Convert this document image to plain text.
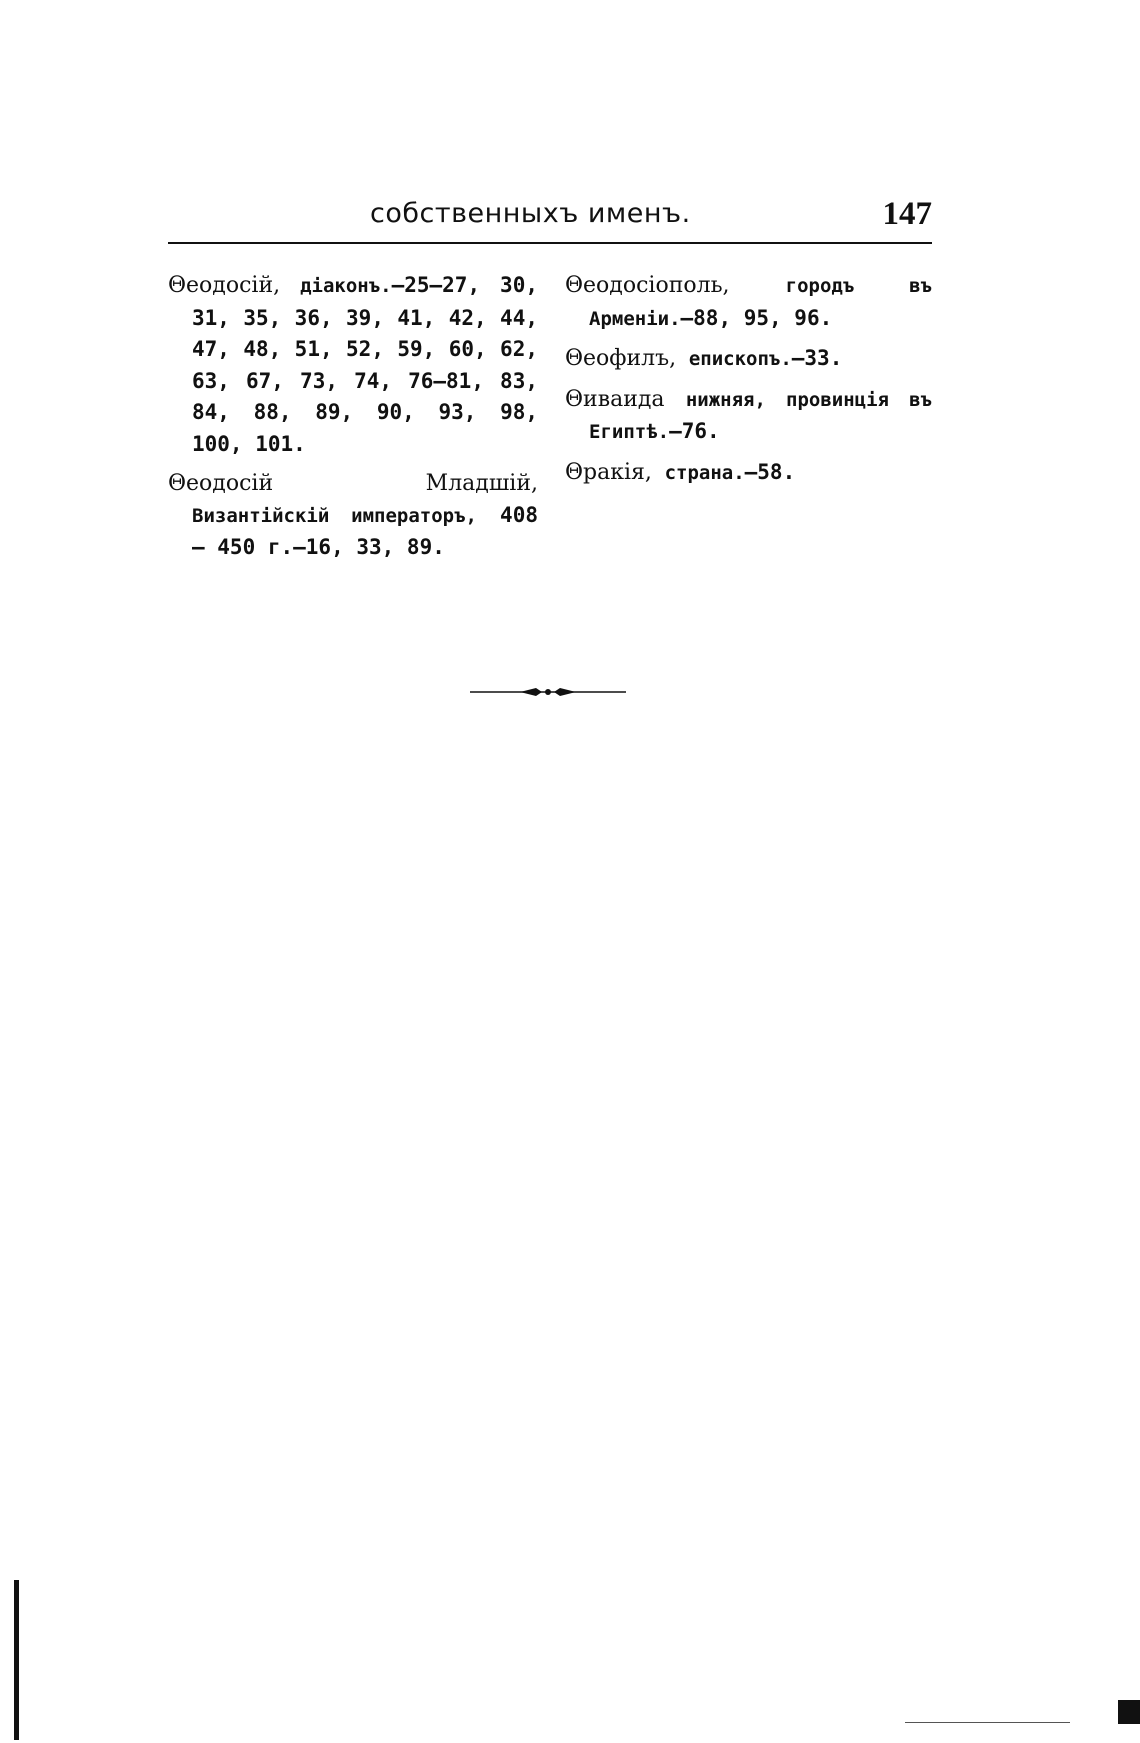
собственныхъ именъ.	147
Θеодосій, діаконъ.—25—27, 30, 31, 35, 36, 39, 41, 42, 44, 47, 48, 51, 52, 59, 60, 62, 63, 67, 73, 74, 76—81, 83, 84, 88, 89, 90, 93, 98, 100, 101.
Θеодосій Младшій, Византійскій императоръ, 408 — 450 г.—16, 33, 89.
Θеодосіополь,	городъ въ Арменіи.—88, 95, 96.
Θеофилъ, епископъ.—33.
Θиваида нижняя, провинція въ Египтѣ.—76.
Θракія, страна.—58.
